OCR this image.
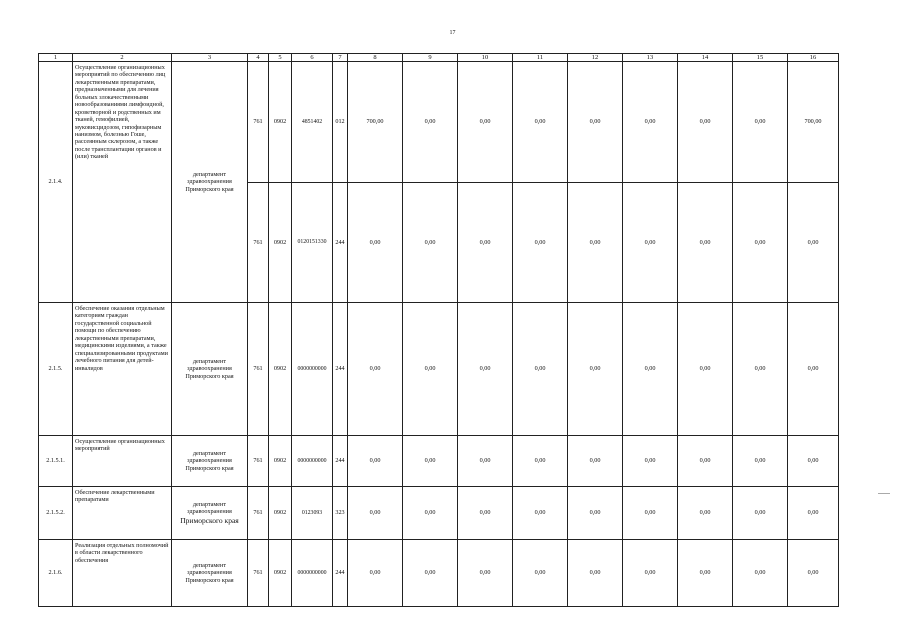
17
1	2	3	4	5	6	7	8	9	10	11	12	13	14	15	16
2.1.4.	Осуществление организационных мероприятий по обеспечению лиц лекарственными препаратами, предназначенными для лечения больных злокачественными новообразованиями лимфоидной, кроветворной и родственных им тканей, гемофилией, муковисцидозом, гипофизарным нанизмом, болезнью Гоше, рассеянным склерозом, а также после трансплантации органов и (или) тканей	департамент здравоохранения Приморского края	761	0902	4851402	012	700,00	0,00	0,00	0,00	0,00	0,00	0,00	0,00	700,00
			761	0902	0120151330	244	0,00	0,00	0,00	0,00	0,00	0,00	0,00	0,00	0,00
2.1.5.	Обеспечение оказания отдельным категориям граждан государственной социальной помощи по обеспечению лекарственными препаратами, медицинскими изделиями, а также специализированными продуктами лечебного питания для детей-инвалидов	департамент здравоохранения Приморского края	761	0902	0000000000	244	0,00	0,00	0,00	0,00	0,00	0,00	0,00	0,00	0,00
2.1.5.1.	Осуществление организационных мероприятий	департамент здравоохранения Приморского края	761	0902	0000000000	244	0,00	0,00	0,00	0,00	0,00	0,00	0,00	0,00	0,00
2.1.5.2.	Обеспечение лекарственными препаратами	департамент здравоохранения
Приморского края	761	0902	0123093	323	0,00	0,00	0,00	0,00	0,00	0,00	0,00	0,00	0,00
2.1.6.	Реализация отдельных полномочий в области лекарственного обеспечения	департамент здравоохранения Приморского края	761	0902	0000000000	244	0,00	0,00	0,00	0,00	0,00	0,00	0,00	0,00	0,00
